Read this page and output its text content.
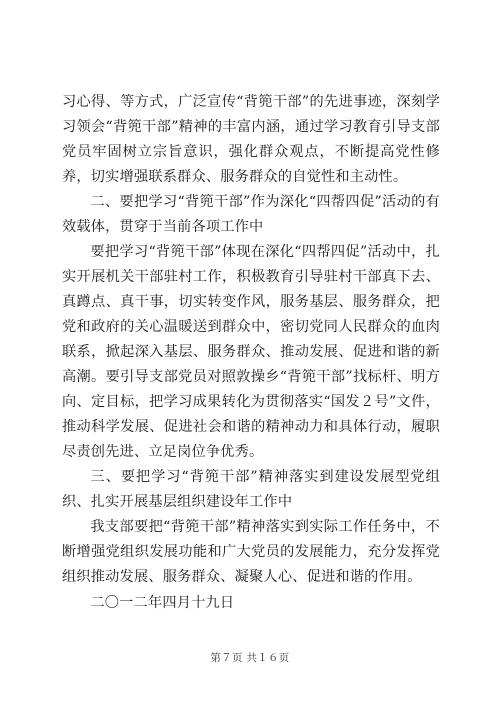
习心得、等方式，广泛宣传“背篼干部”的先进事迹，深刻学习领会“背篼干部”精神的丰富内涵，通过学习教育引导支部党员牢固树立宗旨意识，强化群众观点，不断提高党性修养，切实增强联系群众、服务群众的自觉性和主动性。

二、要把学习“背篼干部”作为深化“四帮四促”活动的有效载体，贯穿于当前各项工作中

要把学习“背篼干部”体现在深化“四帮四促”活动中，扎实开展机关干部驻村工作，积极教育引导驻村干部真下去、真蹲点、真干事，切实转变作风，服务基层、服务群众，把党和政府的关心温暖送到群众中，密切党同人民群众的血肉联系，掀起深入基层、服务群众、推动发展、促进和谐的新高潮。要引导支部党员对照敦操乡“背篼干部”找标杆、明方向、定目标，把学习成果转化为贯彻落实“国发２号”文件，推动科学发展、促进社会和谐的精神动力和具体行动，履职尽责创先进、立足岗位争优秀。

三、要把学习“背篼干部”精神落实到建设发展型党组织、扎实开展基层组织建设年工作中

我支部要把“背篼干部”精神落实到实际工作任务中，不断增强党组织发展功能和广大党员的发展能力，充分发挥党组织推动发展、服务群众、凝聚人心、促进和谐的作用。

二〇一二年四月十九日

第７页 共１６页
